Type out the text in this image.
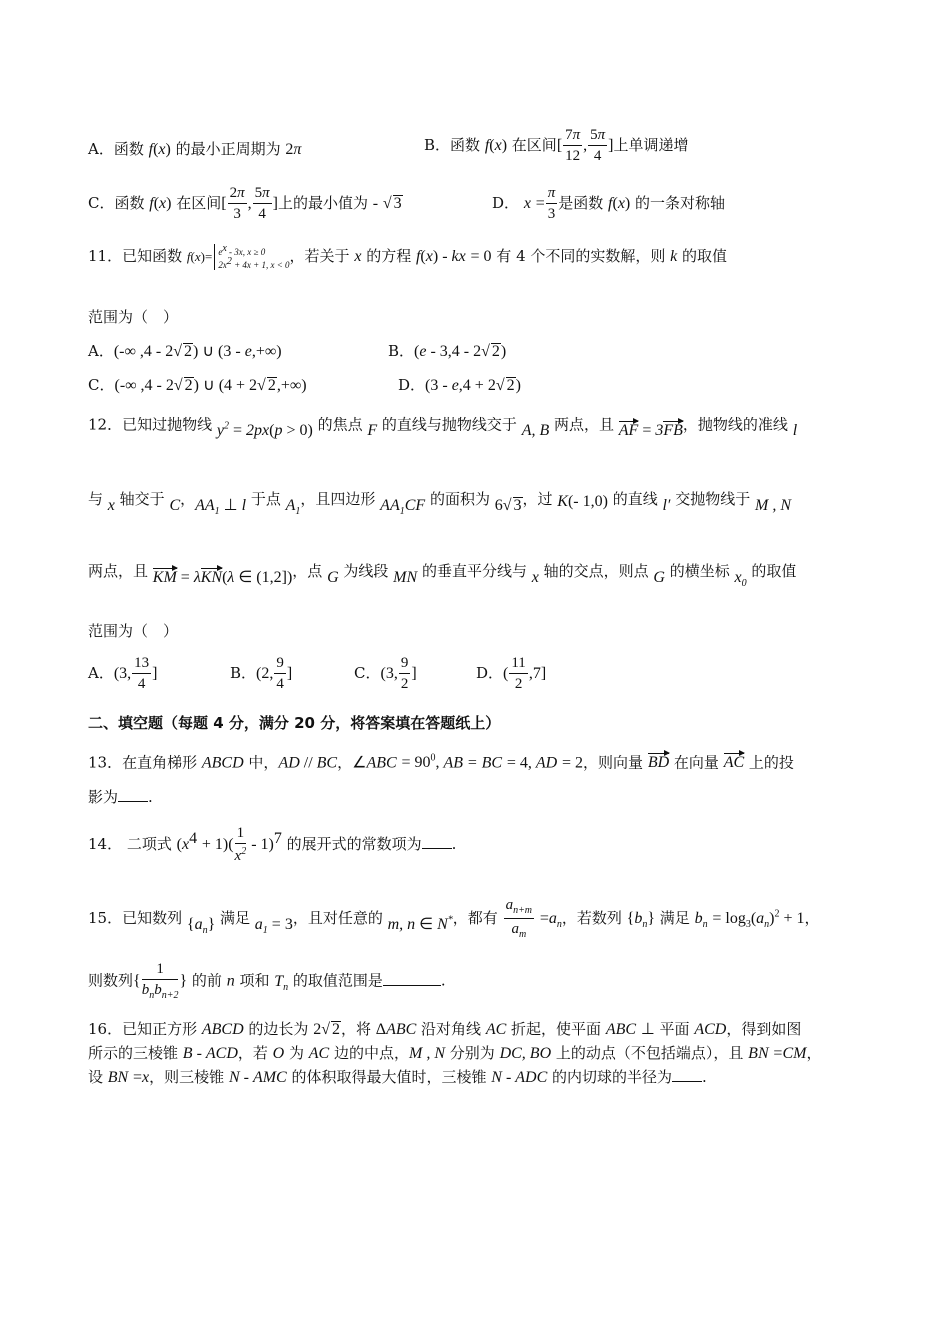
A．函数 f(x) 的最小正周期为 2π	B．函数 f(x) 在区间[ $\frac{7\pi}{12}$ , $\frac{5\pi}{4}$ ]上单调递增
C．函数 f(x) 在区间[ $\frac{2\pi}{3}$ , $\frac{5\pi}{4}$ ]上的最小值为 - √ 3	D． $x = \frac{\pi}{3}$ 是函数 f(x) 的一条对称轴
11．已知函数 $f(x)= e^x - 3x$, x ≥ 0
$2x^2 + 4x + 1$, x < 0 ，若关于 x 的方程 f(x) - kx = 0 有 4 个不同的实数解，则 k 的取值
范围为（　）
A．(-∞ ,4 - 2√ 2) ∪ (3 - e,+∞)	B．(e - 3,4 - 2√ 2)
C．(-∞ ,4 - 2√ 2) ∪ (4 + 2√ 2,+∞)	D．(3 - e,4 + 2√ 2)
12．已知过抛物线 $y^2 = 2px(p > 0)$ 的焦点 F 的直线与抛物线交于 A, B 两点，且 AF = 3FB，抛物线的准线 l
与 x 轴交于 C，$AA_1$ ⊥ l 于点 $A_1$，且四边形 $AA_1CF$ 的面积为 6√ 3，过 K(- 1,0) 的直线 l′ 交抛物线于 M , N
两点，且 KM = λKN(λ ∈ (1,2])，点 G 为线段 MN 的垂直平分线与 x 轴的交点，则点 G 的横坐标 $x_0$ 的取值
范围为（　）
A．(3, $\frac{13}{4}$ ]	B．(2, $\frac{9}{4}$ ]	C．(3, $\frac{9}{2}$ ]	D．( $\frac{11}{2} ,7$]
二、填空题（每题 4 分，满分 20 分，将答案填在答题纸上）
13．在直角梯形 ABCD 中，AD // BC，∠ABC = $90^0$, AB = BC = 4, AD = 2，则向量 BD 在向量 AC 上的投
影为 .
14． 二项式 $(x^4 + 1)( \frac{1}{x^2} - 1)^7$ 的展开式的常数项为 .
15．已知数列 $\{a_n\}$ 满足 $a_1 = 3$，且对任意的 m, n ∈ N*，都有 $\frac{a_{n+m}}{a_m} =a_n$，若数列 $\{b_n\}$ 满足 $b_n = \log_3(a_n)^2 + 1$，
则数列{ $\frac{1}{b_nb_{n+2}}$ } 的前 n 项和 $T_n$ 的取值范围是	.
16．已知正方形 ABCD 的边长为 2√ 2，将 ΔABC 沿对角线 AC 折起，使平面 ABC ⊥ 平面 ACD，得到如图
所示的三棱锥 B - ACD，若 O 为 AC 边的中点，M , N 分别为 DC, BO 上的动点（不包括端点），且 BN =CM，
设 BN =x，则三棱锥 N - AMC 的体积取得最大值时，三棱锥 N - ADC 的内切球的半径为 .
